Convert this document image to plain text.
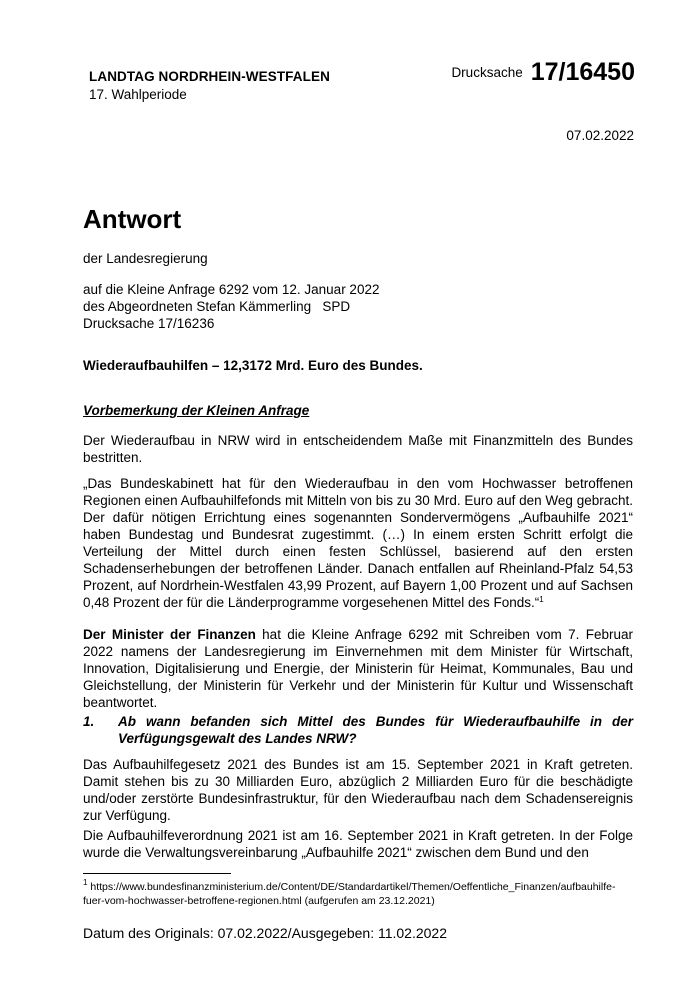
LANDTAG NORDRHEIN-WESTFALEN
17. Wahlperiode
Drucksache 17/16450
07.02.2022
Antwort
der Landesregierung

auf die Kleine Anfrage 6292 vom 12. Januar 2022

des Abgeordneten Stefan Kämmerling   SPD

Drucksache 17/16236

Wiederaufbauhilfen – 12,3172 Mrd. Euro des Bundes.
Vorbemerkung der Kleinen Anfrage
Der Wiederaufbau in NRW wird in entscheidendem Maße mit Finanzmitteln des Bundes bestritten.
„Das Bundeskabinett hat für den Wiederaufbau in den vom Hochwasser betroffenen Regionen einen Aufbauhilfefonds mit Mitteln von bis zu 30 Mrd. Euro auf den Weg gebracht. Der dafür nötigen Errichtung eines sogenannten Sondervermögens „Aufbauhilfe 2021“ haben Bundestag und Bundesrat zugestimmt. (…) In einem ersten Schritt erfolgt die Verteilung der Mittel durch einen festen Schlüssel, basierend auf den ersten Schadenserhebungen der betroffenen Länder. Danach entfallen auf Rheinland-Pfalz 54,53 Prozent, auf Nordrhein-Westfalen 43,99 Prozent, auf Bayern 1,00 Prozent und auf Sachsen 0,48 Prozent der für die Länderprogramme vorgesehenen Mittel des Fonds.“$^1$
Der Minister der Finanzen hat die Kleine Anfrage 6292 mit Schreiben vom 7. Februar 2022 namens der Landesregierung im Einvernehmen mit dem Minister für Wirtschaft, Innovation, Digitalisierung und Energie, der Ministerin für Heimat, Kommunales, Bau und Gleichstellung, der Ministerin für Verkehr und der Ministerin für Kultur und Wissenschaft beantwortet.
1.	Ab wann befanden sich Mittel des Bundes für Wiederaufbauhilfe in der Verfügungsgewalt des Landes NRW?
Das Aufbauhilfegesetz 2021 des Bundes ist am 15. September 2021 in Kraft getreten. Damit stehen bis zu 30 Milliarden Euro, abzüglich 2 Milliarden Euro für die beschädigte und/oder zerstörte Bundesinfrastruktur, für den Wiederaufbau nach dem Schadensereignis zur Verfügung.
Die Aufbauhilfeverordnung 2021 ist am 16. September 2021 in Kraft getreten. In der Folge wurde die Verwaltungsvereinbarung „Aufbauhilfe 2021“ zwischen dem Bund und den
$^1$ https://www.bundesfinanzministerium.de/Content/DE/Standardartikel/Themen/Oeffentliche_Finanzen/aufbauhilfe-fuer-vom-hochwasser-betroffene-regionen.html (aufgerufen am 23.12.2021)
Datum des Originals: 07.02.2022/Ausgegeben: 11.02.2022
